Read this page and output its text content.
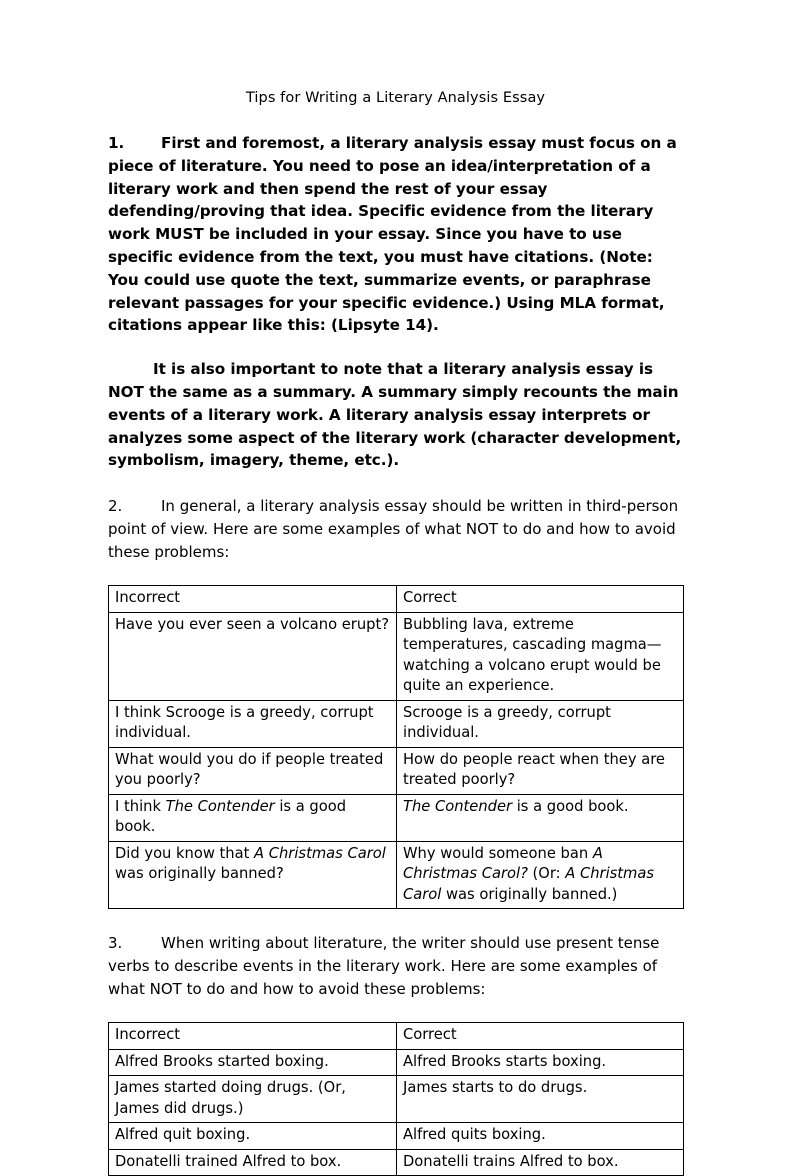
Tips for Writing a Literary Analysis Essay

1. First and foremost, a literary analysis essay must focus on a piece of literature. You need to pose an idea/interpretation of a literary work and then spend the rest of your essay defending/proving that idea. Specific evidence from the literary work MUST be included in your essay. Since you have to use specific evidence from the text, you must have citations. (Note: You could use quote the text, summarize events, or paraphrase relevant passages for your specific evidence.) Using MLA format, citations appear like this: (Lipsyte 14).

It is also important to note that a literary analysis essay is NOT the same as a summary. A summary simply recounts the main events of a literary work. A literary analysis essay interprets or analyzes some aspect of the literary work (character development, symbolism, imagery, theme, etc.).

2.	In general, a literary analysis essay should be written in third-person point of view. Here are some examples of what NOT to do and how to avoid these problems:

Incorrect	Correct
Have you ever seen a volcano erupt?	Bubbling lava, extreme temperatures, cascading magma—watching a volcano erupt would be quite an experience.
I think Scrooge is a greedy, corrupt individual.	Scrooge is a greedy, corrupt individual.
What would you do if people treated you poorly?	How do people react when they are treated poorly?
I think The Contender is a good book.	The Contender is a good book.
Did you know that A Christmas Carol was originally banned?	Why would someone ban A Christmas Carol? (Or: A Christmas Carol was originally banned.)

3.	When writing about literature, the writer should use present tense verbs to describe events in the literary work. Here are some examples of what NOT to do and how to avoid these problems:

Incorrect	Correct
Alfred Brooks started boxing.	Alfred Brooks starts boxing.
James started doing drugs. (Or, James did drugs.)	James starts to do drugs.
Alfred quit boxing.	Alfred quits boxing.
Donatelli trained Alfred to box.	Donatelli trains Alfred to box.
